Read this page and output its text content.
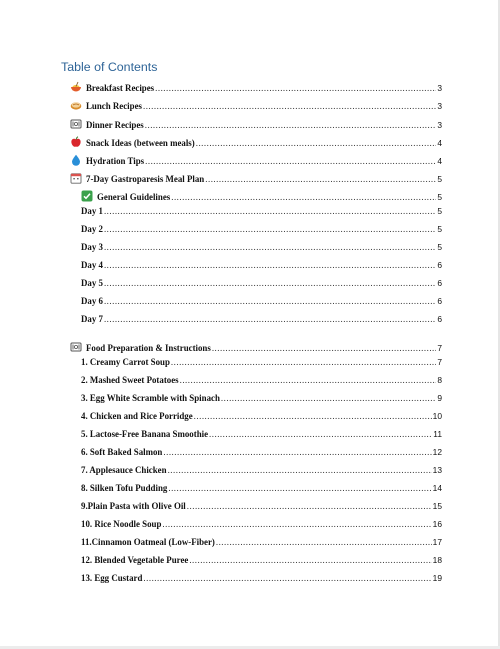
Table of Contents
Breakfast Recipes .....	3
Lunch Recipes .....	3
Dinner Recipes .....	3
Snack Ideas (between meals) .....	4
Hydration Tips .....	4
7-Day Gastroparesis Meal Plan .....	5
General Guidelines .....	5
Day 1 .....	5
Day 2 .....	5
Day 3 .....	5
Day 4 .....	6
Day 5 .....	6
Day 6 .....	6
Day 7 .....	6
Food Preparation & Instructions .....	7
1. Creamy Carrot Soup .....	7
2. Mashed Sweet Potatoes .....	8
3. Egg White Scramble with Spinach .....	9
4. Chicken and Rice Porridge .....	10
5. Lactose-Free Banana Smoothie .....	11
6. Soft Baked Salmon .....	12
7. Applesauce Chicken .....	13
8. Silken Tofu Pudding .....	14
9.Plain Pasta with Olive Oil .....	15
10. Rice Noodle Soup .....	16
11.Cinnamon Oatmeal (Low-Fiber) .....	17
12. Blended Vegetable Puree .....	18
13. Egg Custard .....	19
